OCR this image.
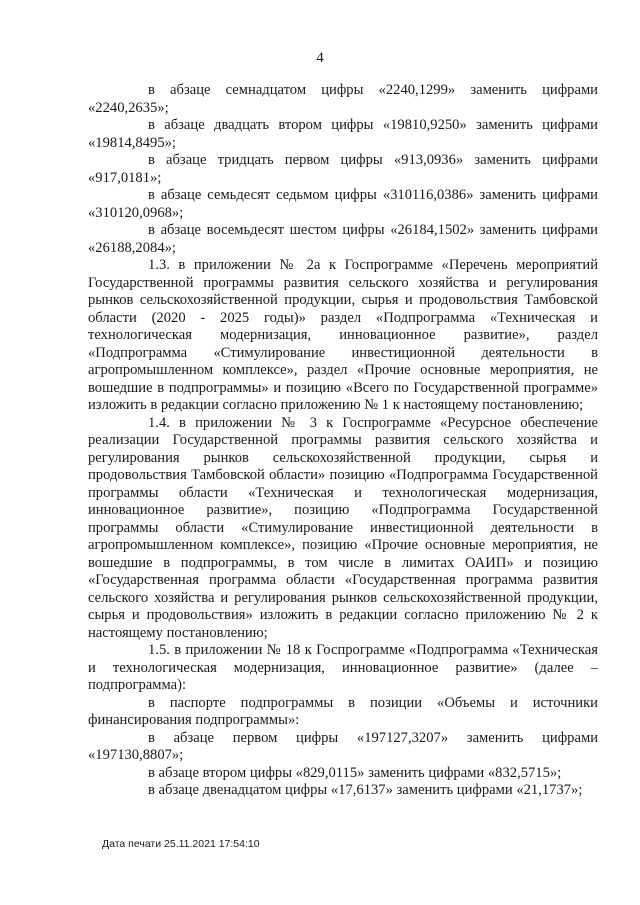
4

в абзаце семнадцатом цифры «2240,1299» заменить цифрами «2240,2635»;

в абзаце двадцать втором цифры «19810,9250» заменить цифрами «19814,8495»;

в абзаце тридцать первом цифры «913,0936» заменить цифрами «917,0181»;

в абзаце семьдесят седьмом цифры «310116,0386» заменить цифрами «310120,0968»;

в абзаце восемьдесят шестом цифры «26184,1502» заменить цифрами «26188,2084»;

1.3. в приложении № 2а к Госпрограмме «Перечень мероприятий Государственной программы развития сельского хозяйства и регулирования рынков сельскохозяйственной продукции, сырья и продовольствия Тамбовской области (2020 - 2025 годы)» раздел «Подпрограмма «Техническая и технологическая модернизация, инновационное развитие», раздел «Подпрограмма «Стимулирование инвестиционной деятельности в агропромышленном комплексе», раздел «Прочие основные мероприятия, не вошедшие в подпрограммы» и позицию «Всего по Государственной программе» изложить в редакции согласно приложению № 1 к настоящему постановлению;

1.4. в приложении № 3 к Госпрограмме «Ресурсное обеспечение реализации Государственной программы развития сельского хозяйства и регулирования рынков сельскохозяйственной продукции, сырья и продовольствия Тамбовской области» позицию «Подпрограмма Государственной программы области «Техническая и технологическая модернизация, инновационное развитие», позицию «Подпрограмма Государственной программы области «Стимулирование инвестиционной деятельности в агропромышленном комплексе», позицию «Прочие основные мероприятия, не вошедшие в подпрограммы, в том числе в лимитах ОАИП» и позицию «Государственная программа области «Государственная программа развития сельского хозяйства и регулирования рынков сельскохозяйственной продукции, сырья и продовольствия» изложить в редакции согласно приложению № 2 к настоящему постановлению;

1.5. в приложении № 18 к Госпрограмме «Подпрограмма «Техническая и технологическая модернизация, инновационное развитие» (далее – подпрограмма):

в паспорте подпрограммы в позиции «Объемы и источники финансирования подпрограммы»:

в абзаце первом цифры «197127,3207» заменить цифрами «197130,8807»;

в абзаце втором цифры «829,0115» заменить цифрами «832,5715»;

в абзаце двенадцатом цифры «17,6137» заменить цифрами «21,1737»;

Дата печати 25.11.2021 17:54:10
